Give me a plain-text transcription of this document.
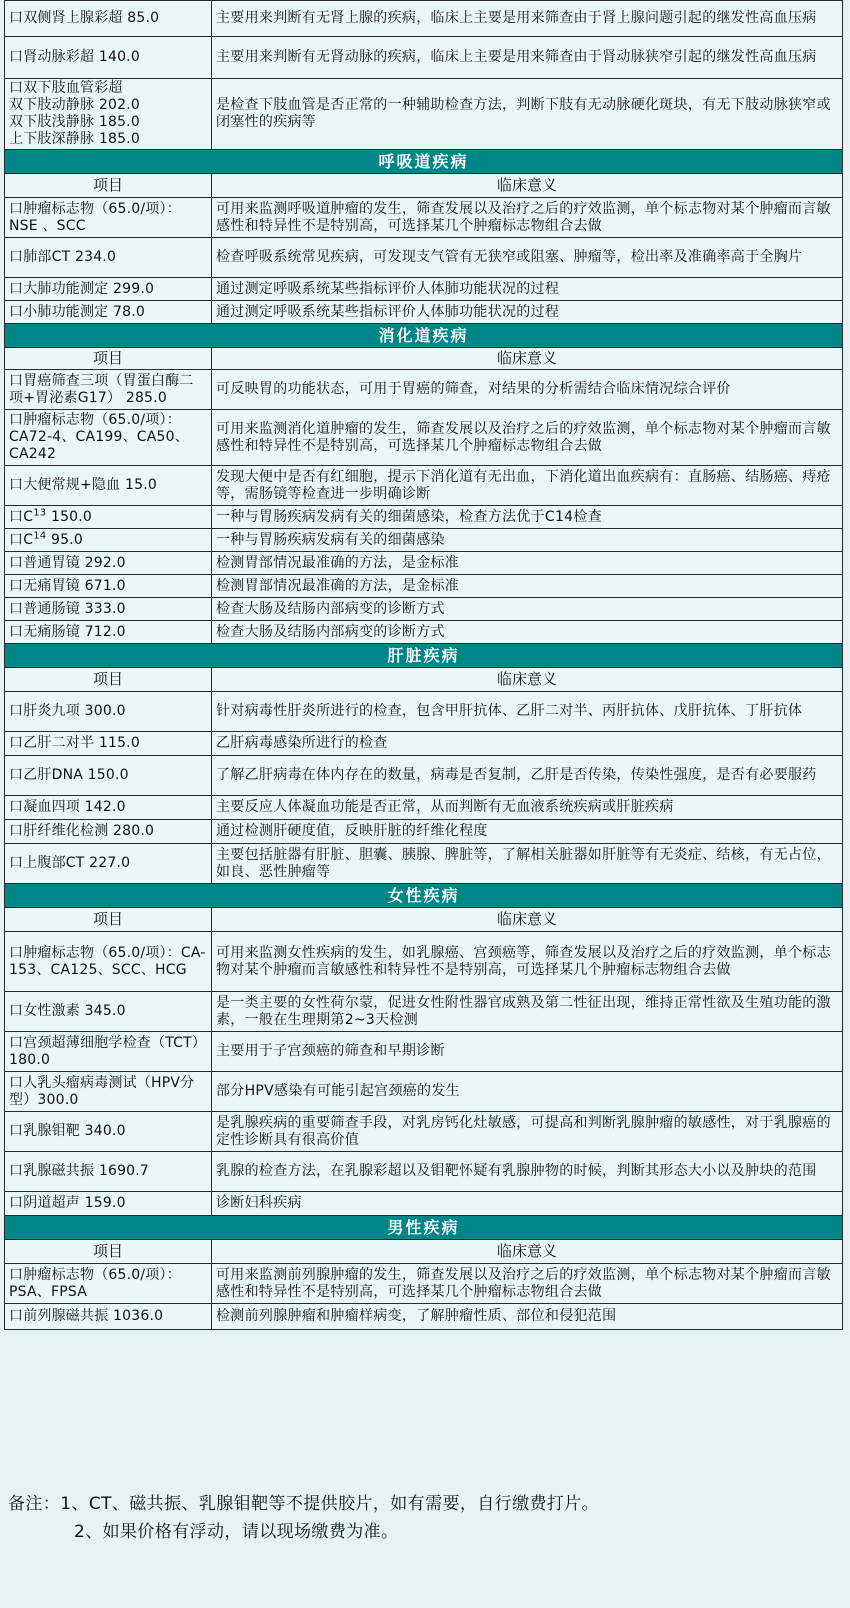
口双侧肾上腺彩超 85.0	主要用来判断有无肾上腺的疾病，临床上主要是用来筛查由于肾上腺问题引起的继发性高血压病
口肾动脉彩超 140.0	主要用来判断有无肾动脉的疾病，临床上主要是用来筛查由于肾动脉狭窄引起的继发性高血压病
口双下肢血管彩超
双下肢动静脉 202.0
双下肢浅静脉 185.0
上下肢深静脉 185.0	是检查下肢血管是否正常的一种辅助检查方法，判断下肢有无动脉硬化斑块，有无下肢动脉狭窄或闭塞性的疾病等
呼吸道疾病	
项目	临床意义
口肿瘤标志物（65.0/项）：NSE 、SCC	可用来监测呼吸道肿瘤的发生，筛查发展以及治疗之后的疗效监测，单个标志物对某个肿瘤而言敏感性和特异性不是特别高，可选择某几个肿瘤标志物组合去做
口肺部CT 234.0	检查呼吸系统常见疾病，可发现支气管有无狭窄或阻塞、肿瘤等，检出率及准确率高于全胸片
口大肺功能测定 299.0	通过测定呼吸系统某些指标评价人体肺功能状况的过程
口小肺功能测定 78.0	通过测定呼吸系统某些指标评价人体肺功能状况的过程
消化道疾病	
项目	临床意义
口胃癌筛查三项（胃蛋白酶二项+胃泌素G17） 285.0	可反映胃的功能状态，可用于胃癌的筛查，对结果的分析需结合临床情况综合评价
口肿瘤标志物（65.0/项）：CA72-4、CA199、CA50、CA242	可用来监测消化道肿瘤的发生，筛查发展以及治疗之后的疗效监测，单个标志物对某个肿瘤而言敏感性和特异性不是特别高，可选择某几个肿瘤标志物组合去做
口大便常规+隐血 15.0	发现大便中是否有红细胞，提示下消化道有无出血，下消化道出血疾病有：直肠癌、结肠癌、痔疮等，需肠镜等检查进一步明确诊断
口$C^{13}$ 150.0	一种与胃肠疾病发病有关的细菌感染，检查方法优于C14检查
口$C^{14}$ 95.0	一种与胃肠疾病发病有关的细菌感染
口普通胃镜 292.0	检测胃部情况最准确的方法，是金标准
口无痛胃镜 671.0	检测胃部情况最准确的方法，是金标准
口普通肠镜 333.0	检查大肠及结肠内部病变的诊断方式
口无痛肠镜 712.0	检查大肠及结肠内部病变的诊断方式
肝脏疾病	
项目	临床意义
口肝炎九项 300.0	针对病毒性肝炎所进行的检查，包含甲肝抗体、乙肝二对半、丙肝抗体、戊肝抗体、丁肝抗体
口乙肝二对半 115.0	乙肝病毒感染所进行的检查
口乙肝DNA 150.0	了解乙肝病毒在体内存在的数量，病毒是否复制，乙肝是否传染，传染性强度，是否有必要服药
口凝血四项 142.0	主要反应人体凝血功能是否正常，从而判断有无血液系统疾病或肝脏疾病
口肝纤维化检测 280.0	通过检测肝硬度值，反映肝脏的纤维化程度
口上腹部CT 227.0	主要包括脏器有肝脏、胆囊、胰腺、脾脏等，了解相关脏器如肝脏等有无炎症、结核，有无占位，如良、恶性肿瘤等
女性疾病	
项目	临床意义
口肿瘤标志物（65.0/项）：CA-153、CA125、SCC、HCG	可用来监测女性疾病的发生，如乳腺癌、宫颈癌等，筛查发展以及治疗之后的疗效监测，单个标志物对某个肿瘤而言敏感性和特异性不是特别高，可选择某几个肿瘤标志物组合去做
口女性激素 345.0	是一类主要的女性荷尔蒙，促进女性附性器官成熟及第二性征出现，维持正常性欲及生殖功能的激素，一般在生理期第2~3天检测
口宫颈超薄细胞学检查（TCT） 180.0	主要用于子宫颈癌的筛查和早期诊断
口人乳头瘤病毒测试（HPV分型）300.0	部分HPV感染有可能引起宫颈癌的发生
口乳腺钼靶 340.0	是乳腺疾病的重要筛查手段，对乳房钙化灶敏感，可提高和判断乳腺肿瘤的敏感性，对于乳腺癌的定性诊断具有很高价值
口乳腺磁共振 1690.7	乳腺的检查方法，在乳腺彩超以及钼靶怀疑有乳腺肿物的时候，判断其形态大小以及肿块的范围
口阴道超声 159.0	诊断妇科疾病
男性疾病	
项目	临床意义
口肿瘤标志物（65.0/项）：PSA、FPSA	可用来监测前列腺肿瘤的发生，筛查发展以及治疗之后的疗效监测，单个标志物对某个肿瘤而言敏感性和特异性不是特别高，可选择某几个肿瘤标志物组合去做
口前列腺磁共振 1036.0	检测前列腺肿瘤和肿瘤样病变，了解肿瘤性质、部位和侵犯范围
备注：1、CT、磁共振、乳腺钼靶等不提供胶片，如有需要，自行缴费打片。
2、如果价格有浮动，请以现场缴费为准。
